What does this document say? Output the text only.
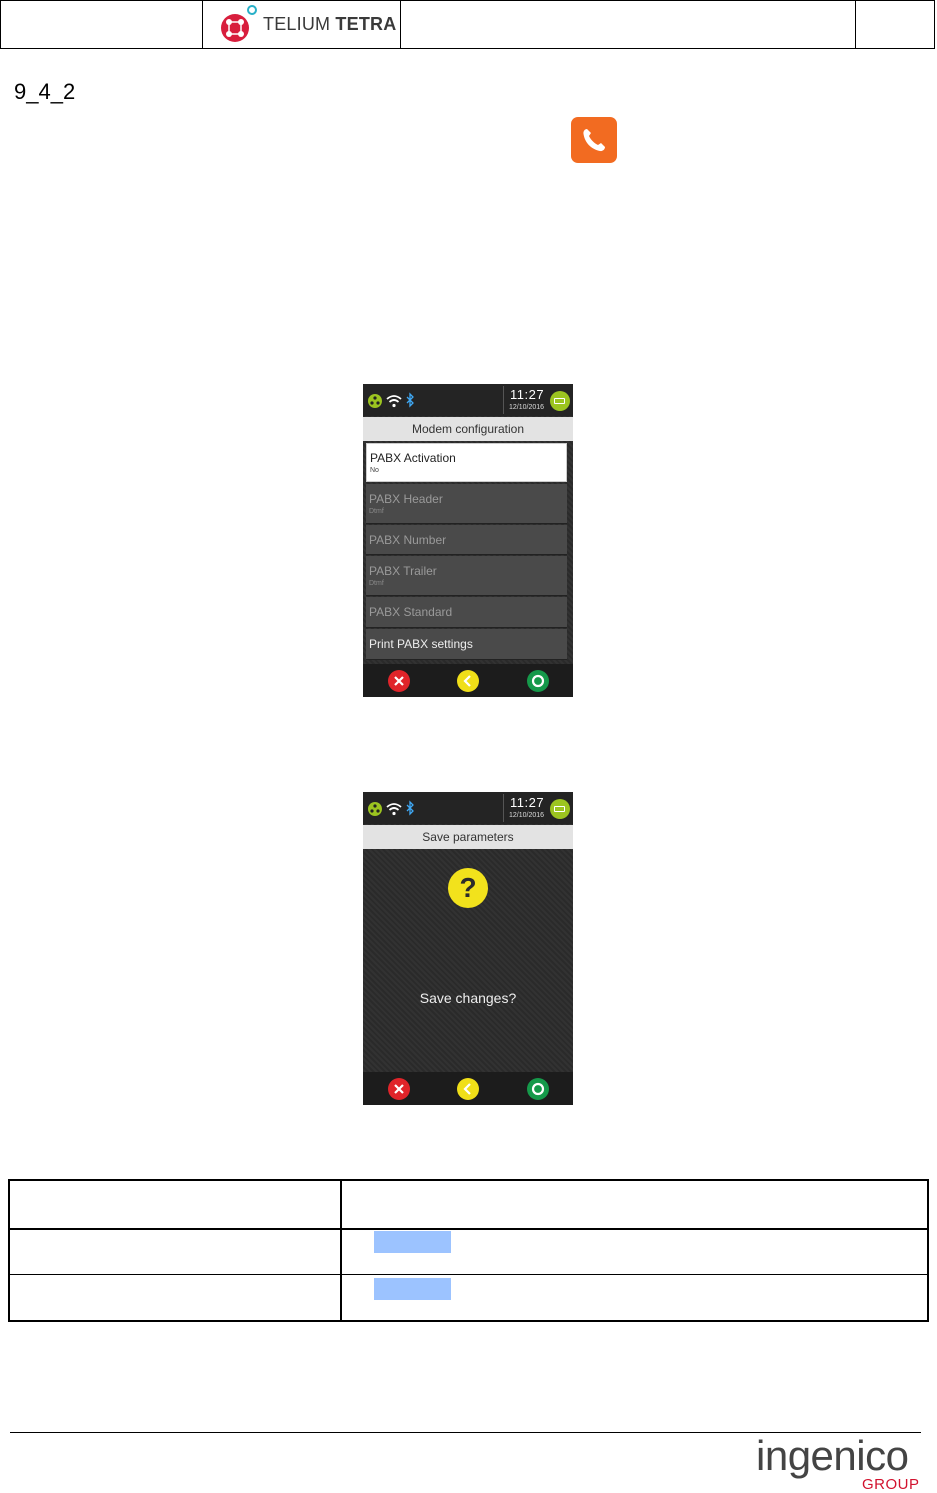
TELIUM TETRA
9_4_2
11:27
12/10/2016
Modem configuration
PABX Activation
No
PABX Header
Dtmf
PABX Number
PABX Trailer
Dtmf
PABX Standard
Print PABX settings
11:27
12/10/2016
Save parameters
?
Save changes?
ingenico
GROUP
